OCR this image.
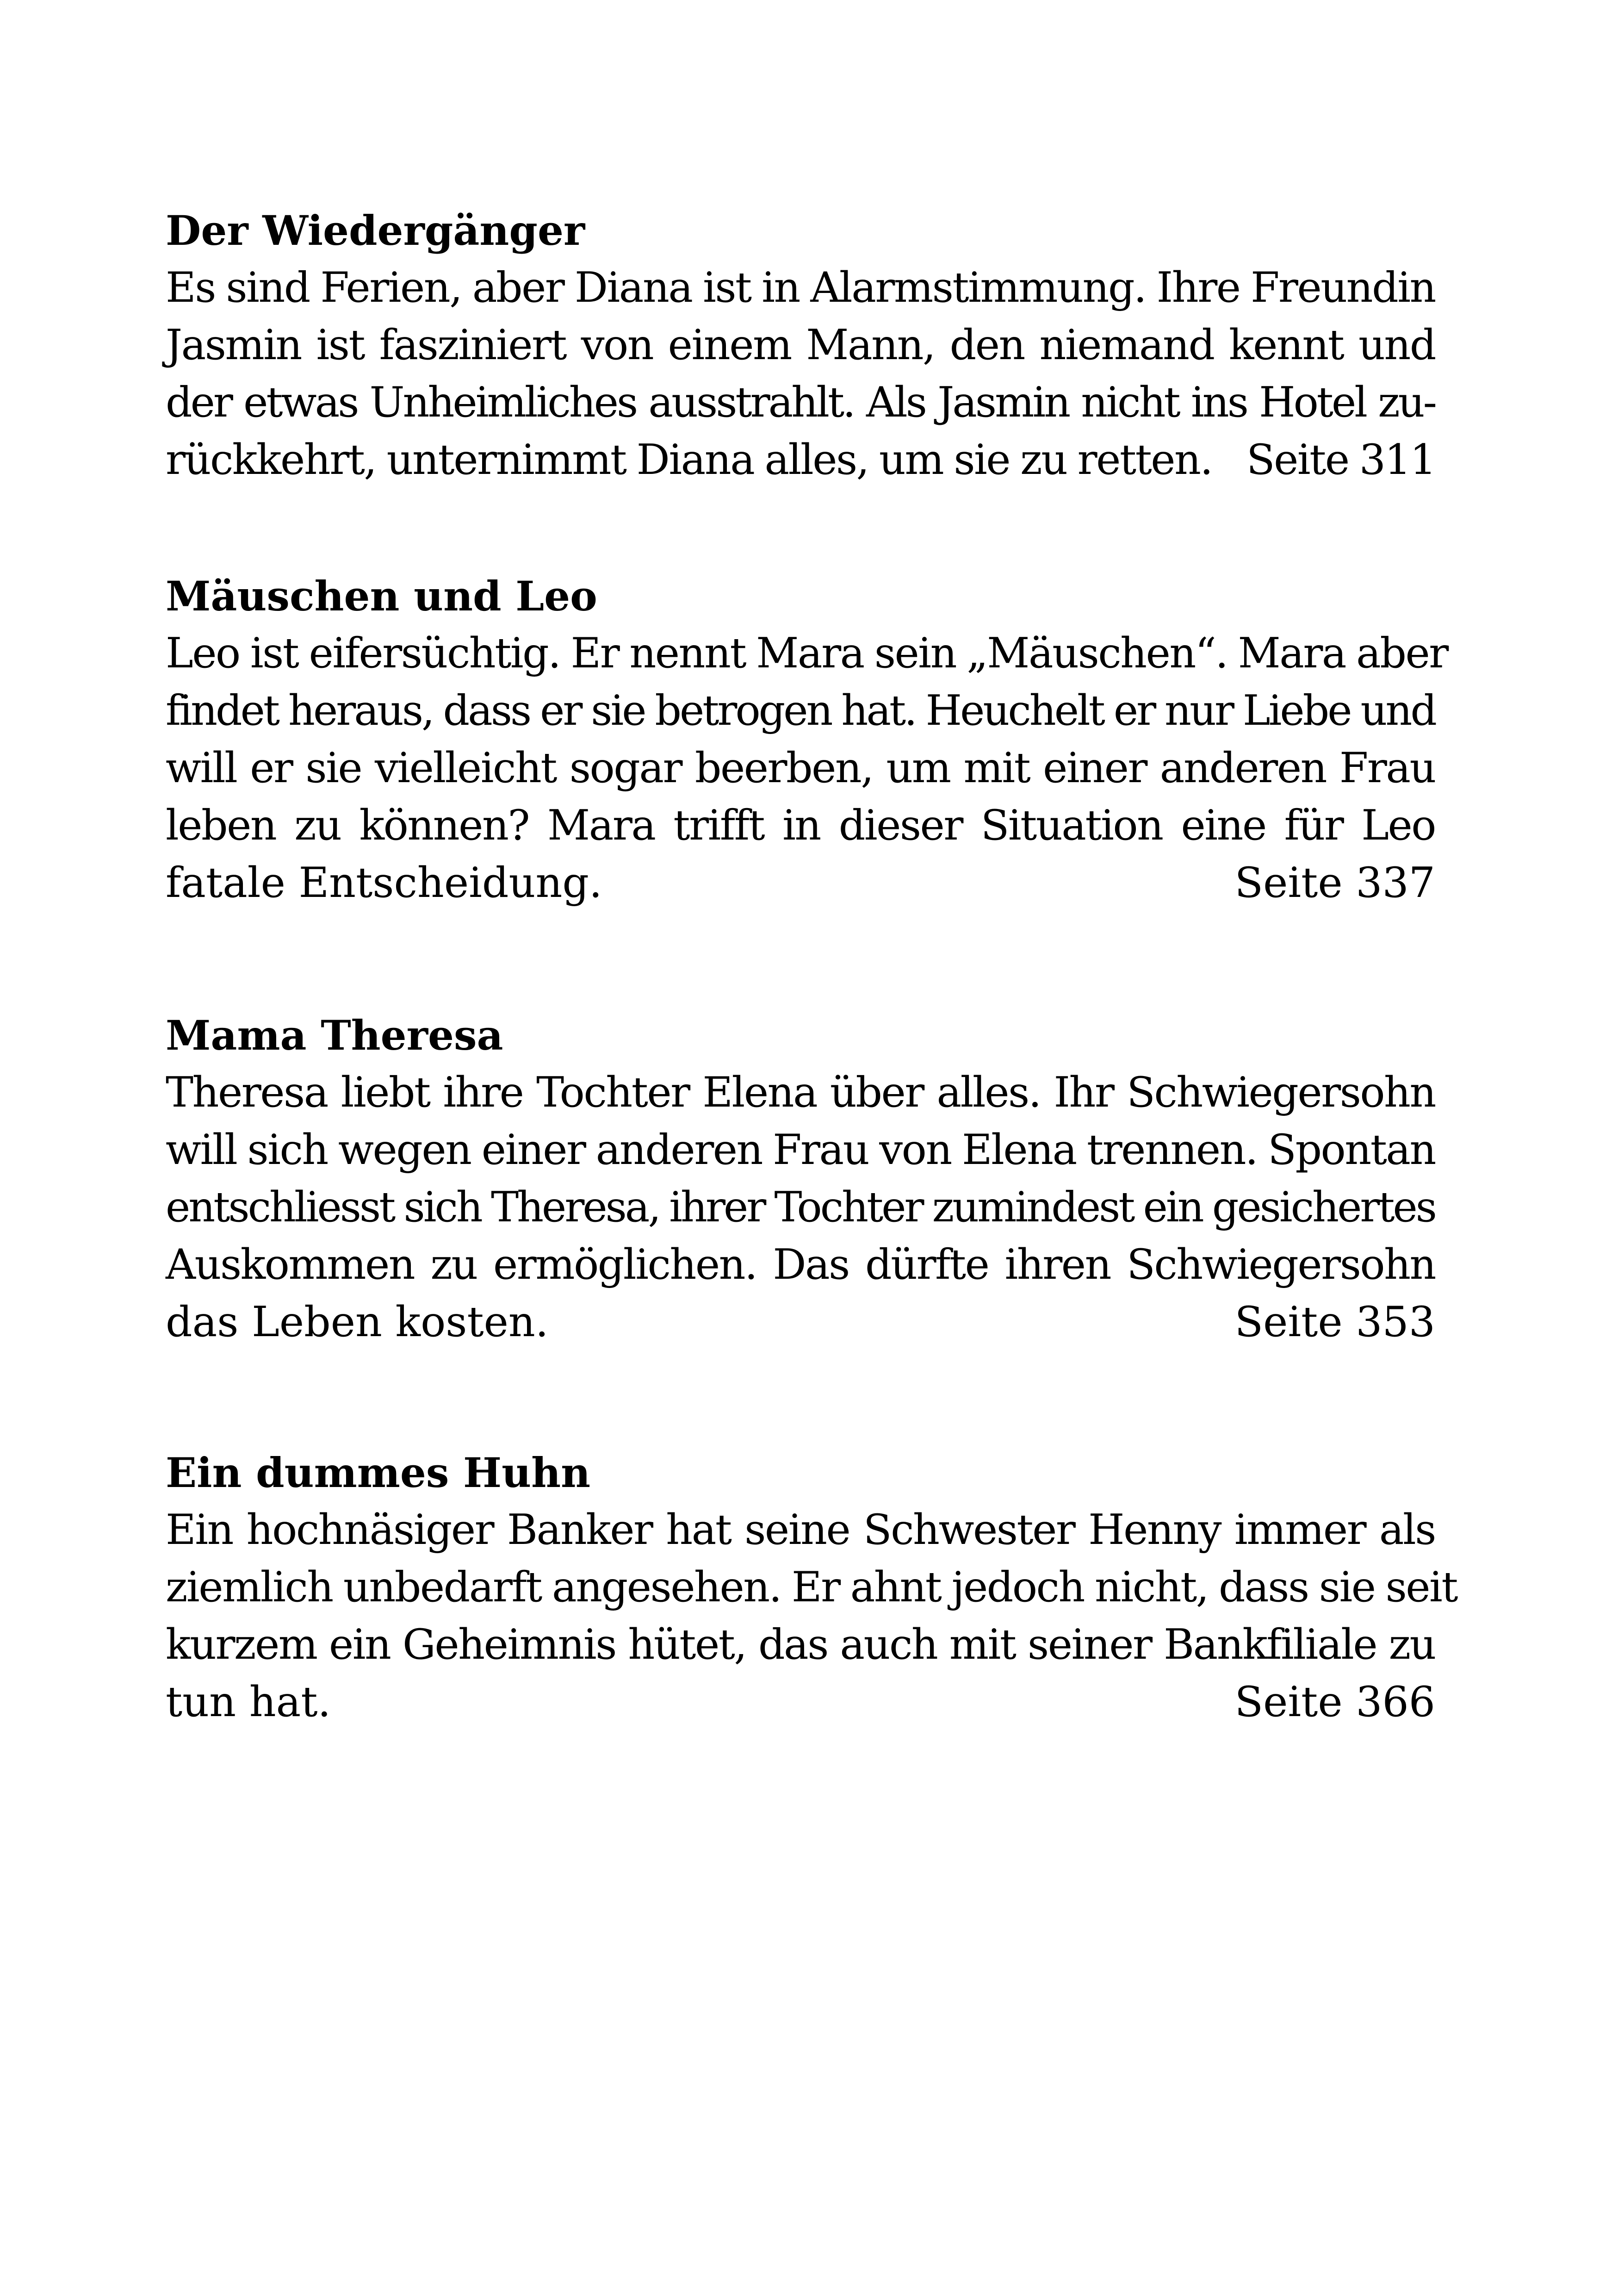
Der Wiedergänger
Es sind Ferien, aber Diana ist in Alarmstimmung. Ihre Freundin
Jasmin ist fasziniert von einem Mann, den niemand kennt und
der etwas Unheimliches ausstrahlt. Als Jasmin nicht ins Hotel zu-
rückkehrt, unternimmt Diana alles, um sie zu retten. Seite 311
Mäuschen und Leo
Leo ist eifersüchtig. Er nennt Mara sein „Mäuschen“. Mara aber
findet heraus, dass er sie betrogen hat. Heuchelt er nur Liebe und
will er sie vielleicht sogar beerben, um mit einer anderen Frau
leben zu können? Mara trifft in dieser Situation eine für Leo
fatale Entscheidung.	Seite 337
Mama Theresa
Theresa liebt ihre Tochter Elena über alles. Ihr Schwiegersohn
will sich wegen einer anderen Frau von Elena trennen. Spontan
entschliesst sich Theresa, ihrer Tochter zumindest ein gesichertes
Auskommen zu ermöglichen. Das dürfte ihren Schwiegersohn
das Leben kosten.	Seite 353
Ein dummes Huhn
Ein hochnäsiger Banker hat seine Schwester Henny immer als
ziemlich unbedarft angesehen. Er ahnt jedoch nicht, dass sie seit
kurzem ein Geheimnis hütet, das auch mit seiner Bankfiliale zu
tun hat.	Seite 366
